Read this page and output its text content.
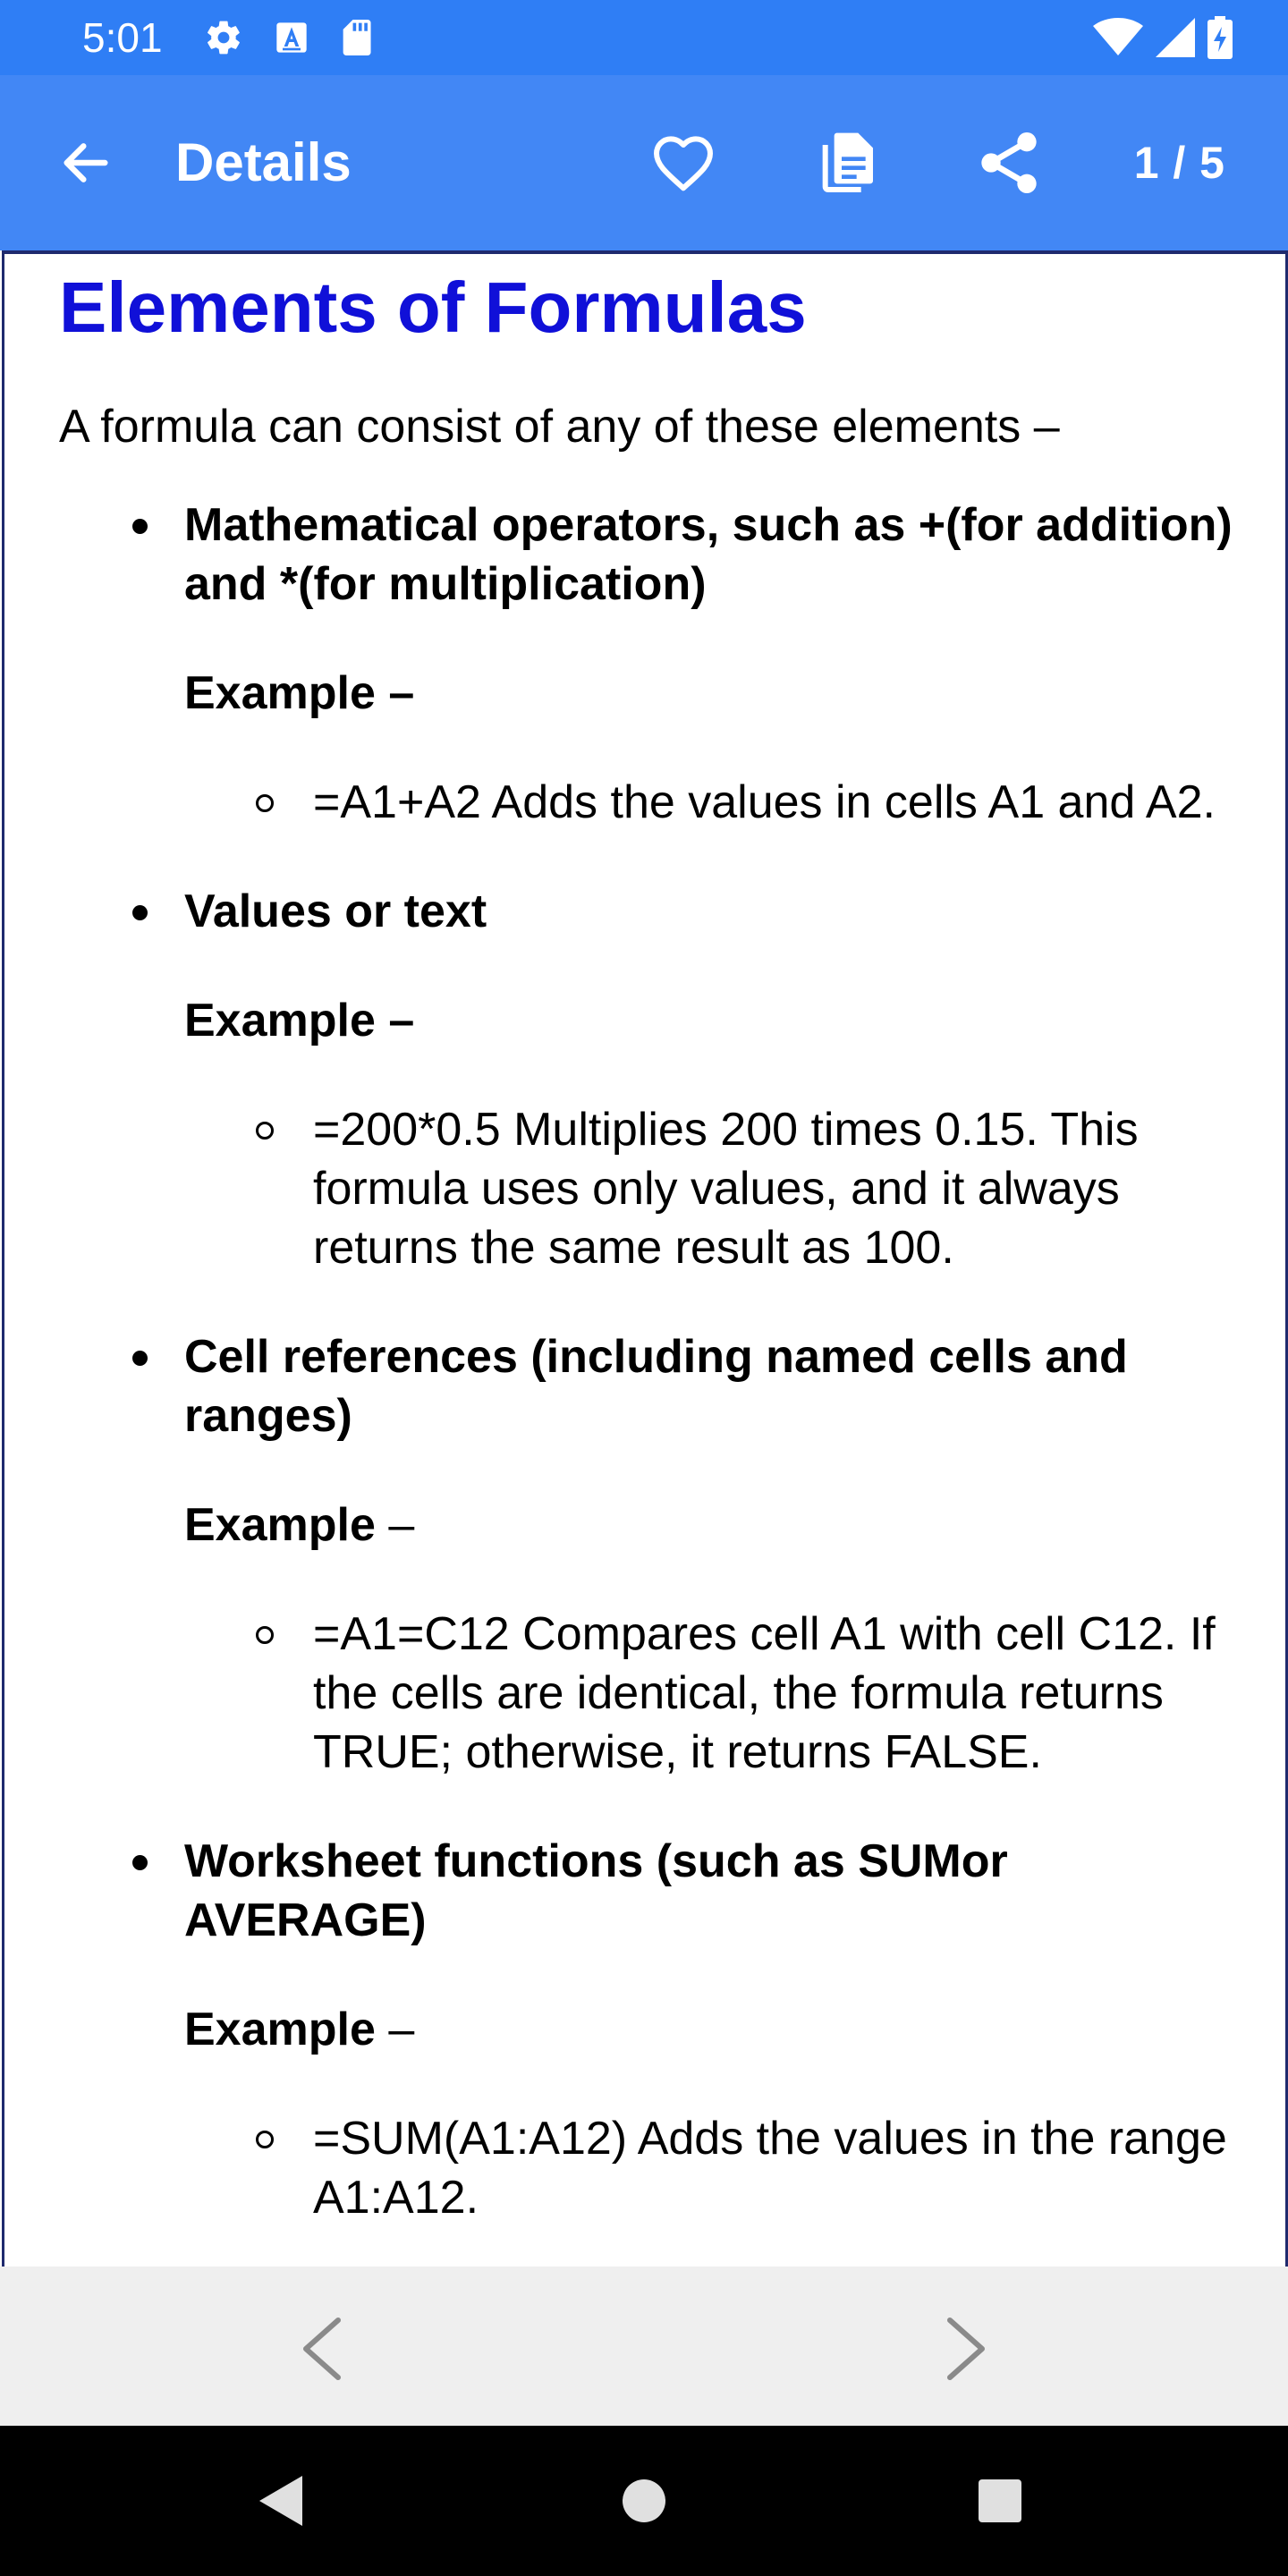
5:01
Details	1 / 5
Elements of Formulas

A formula can consist of any of these elements –

Mathematical operators, such as +(for addition) and *(for multiplication)
Example –
=A1+A2 Adds the values in cells A1 and A2.
Values or text
Example –
=200*0.5 Multiplies 200 times 0.15. This formula uses only values, and it always returns the same result as 100.
Cell references (including named cells and ranges)
Example –
=A1=C12 Compares cell A1 with cell C12. If the cells are identical, the formula returns TRUE; otherwise, it returns FALSE.
Worksheet functions (such as SUMor AVERAGE)
Example –
=SUM(A1:A12) Adds the values in the range A1:A12.
